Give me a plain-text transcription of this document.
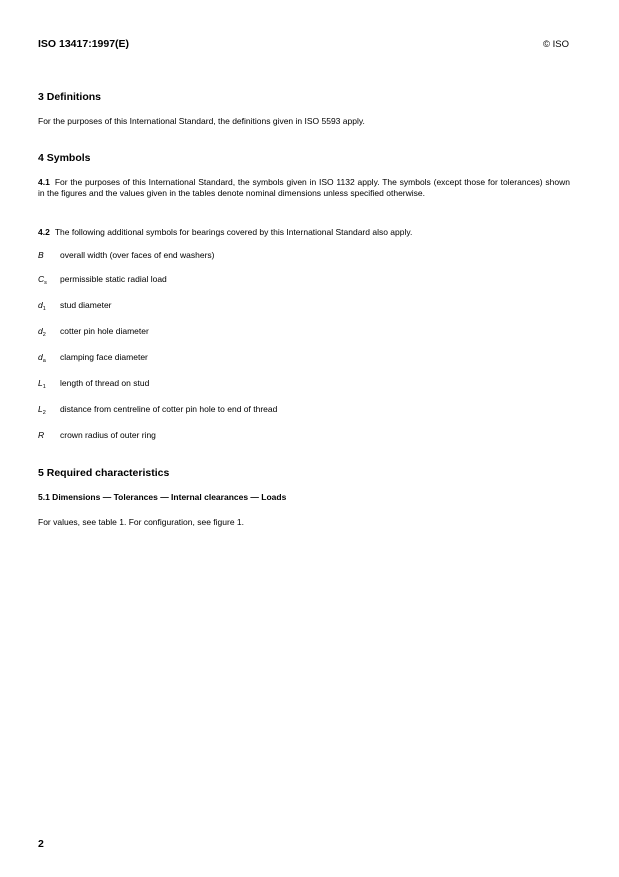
ISO 13417:1997(E)	© ISO
3 Definitions
For the purposes of this International Standard, the definitions given in ISO 5593 apply.
4 Symbols
4.1 For the purposes of this International Standard, the symbols given in ISO 1132 apply. The symbols (except those for tolerances) shown in the figures and the values given in the tables denote nominal dimensions unless specified otherwise.
4.2 The following additional symbols for bearings covered by this International Standard also apply.
B overall width (over faces of end washers)
$C_s$ permissible static radial load
$d_1$ stud diameter
$d_2$ cotter pin hole diameter
$d_a$ clamping face diameter
$L_1$ length of thread on stud
$L_2$ distance from centreline of cotter pin hole to end of thread
R crown radius of outer ring
5 Required characteristics
5.1 Dimensions — Tolerances — Internal clearances — Loads
For values, see table 1. For configuration, see figure 1.
2
